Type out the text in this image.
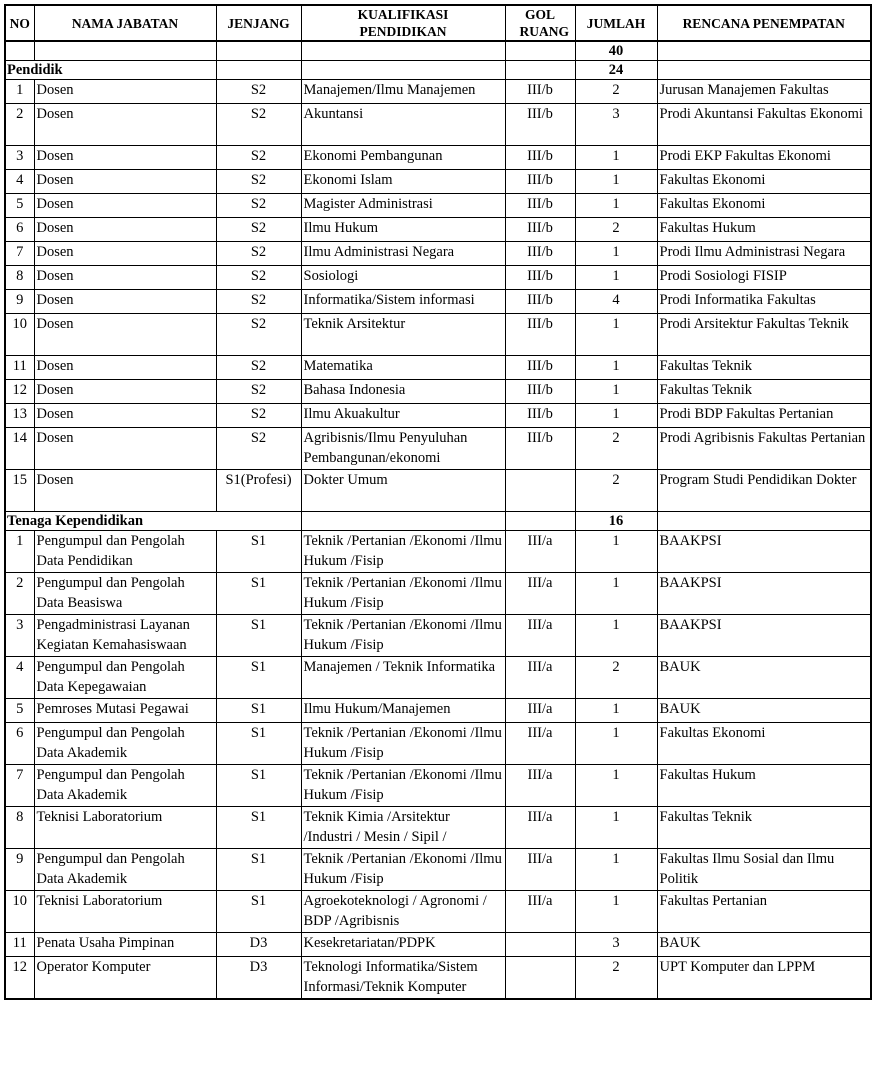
NO	NAMA JABATAN	JENJANG	KUALIFIKASI PENDIDIKAN	GOL RUANG	JUMLAH	RENCANA PENEMPATAN
					40	
Pendidik					24	
1	Dosen	S2	Manajemen/Ilmu Manajemen	III/b	2	Jurusan Manajemen Fakultas
2	Dosen	S2	Akuntansi	III/b	3	Prodi Akuntansi Fakultas Ekonomi
3	Dosen	S2	Ekonomi Pembangunan	III/b	1	Prodi EKP Fakultas Ekonomi
4	Dosen	S2	Ekonomi Islam	III/b	1	Fakultas Ekonomi
5	Dosen	S2	Magister Administrasi	III/b	1	Fakultas Ekonomi
6	Dosen	S2	Ilmu Hukum	III/b	2	Fakultas Hukum
7	Dosen	S2	Ilmu Administrasi Negara	III/b	1	Prodi Ilmu Administrasi Negara
8	Dosen	S2	Sosiologi	III/b	1	Prodi Sosiologi FISIP
9	Dosen	S2	Informatika/Sistem informasi	III/b	4	Prodi Informatika Fakultas
10	Dosen	S2	Teknik Arsitektur	III/b	1	Prodi Arsitektur Fakultas Teknik
11	Dosen	S2	Matematika	III/b	1	Fakultas Teknik
12	Dosen	S2	Bahasa Indonesia	III/b	1	Fakultas Teknik
13	Dosen	S2	Ilmu Akuakultur	III/b	1	Prodi BDP Fakultas Pertanian
14	Dosen	S2	Agribisnis/Ilmu Penyuluhan Pembangunan/ekonomi	III/b	2	Prodi Agribisnis Fakultas Pertanian
15	Dosen	S1(Profesi)	Dokter Umum		2	Program Studi Pendidikan Dokter
Tenaga Kependidikan					16	
1	Pengumpul dan Pengolah Data Pendidikan	S1	Teknik /Pertanian /Ekonomi /Ilmu Hukum /Fisip	III/a	1	BAAKPSI
2	Pengumpul dan Pengolah Data Beasiswa	S1	Teknik /Pertanian /Ekonomi /Ilmu Hukum /Fisip	III/a	1	BAAKPSI
3	Pengadministrasi Layanan Kegiatan Kemahasiswaan	S1	Teknik /Pertanian /Ekonomi /Ilmu Hukum /Fisip	III/a	1	BAAKPSI
4	Pengumpul dan Pengolah Data Kepegawaian	S1	Manajemen / Teknik Informatika	III/a	2	BAUK
5	Pemroses Mutasi Pegawai	S1	Ilmu Hukum/Manajemen	III/a	1	BAUK
6	Pengumpul dan Pengolah Data Akademik	S1	Teknik /Pertanian /Ekonomi /Ilmu Hukum /Fisip	III/a	1	Fakultas Ekonomi
7	Pengumpul dan Pengolah Data Akademik	S1	Teknik /Pertanian /Ekonomi /Ilmu Hukum /Fisip	III/a	1	Fakultas Hukum
8	Teknisi Laboratorium	S1	Teknik Kimia /Arsitektur /Industri / Mesin / Sipil /	III/a	1	Fakultas Teknik
9	Pengumpul dan Pengolah Data Akademik	S1	Teknik /Pertanian /Ekonomi /Ilmu Hukum /Fisip	III/a	1	Fakultas Ilmu Sosial dan Ilmu Politik
10	Teknisi Laboratorium	S1	Agroekoteknologi / Agronomi / BDP /Agribisnis	III/a	1	Fakultas Pertanian
11	Penata Usaha Pimpinan	D3	Kesekretariatan/PDPK		3	BAUK
12	Operator Komputer	D3	Teknologi Informatika/Sistem Informasi/Teknik Komputer		2	UPT Komputer dan LPPM
